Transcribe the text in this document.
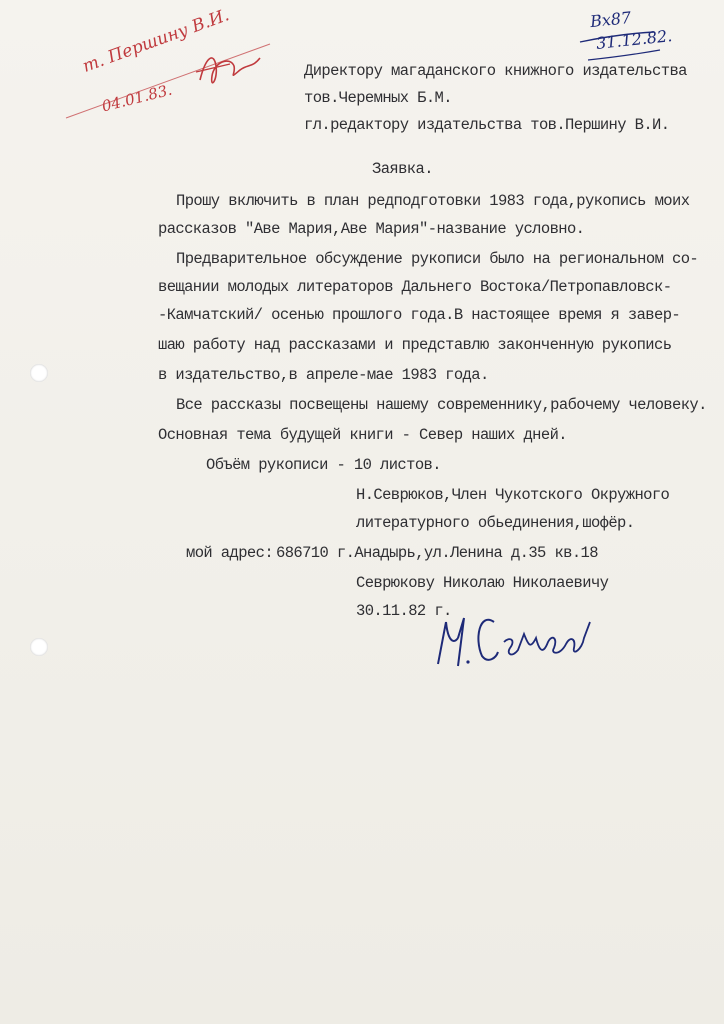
Вх87
31.12.82.
т. Першину В.И.
04.01.83.
Директору магаданского книжного издательства
тов.Черемных Б.М.
гл.редактору издательства тов.Першину В.И.
Заявка.
Прошу включить в план редподготовки 1983 года,рукопись моих
рассказов "Аве Мария,Аве Мария"-название условно.
Предварительное обсуждение рукописи было на региональном со-
вещании молодых литераторов Дальнего Востока/Петропавловск-
-Камчатский/ осенью прошлого года.В настоящее время я завер-
шаю работу над рассказами и представлю законченную рукопись
в издательство,в апреле-мае 1983 года.
Все рассказы посвещены нашему современнику,рабочему человеку.
Основная тема будущей книги - Север наших дней.
Объём рукописи - 10 листов.
Н.Севрюков,Член Чукотского Окружного
литературного обьединения,шофёр.
мой адрес: 686710 г.Анадырь,ул.Ленина д.35 кв.18
Севрюкову Николаю Николаевичу
30.11.82 г.
